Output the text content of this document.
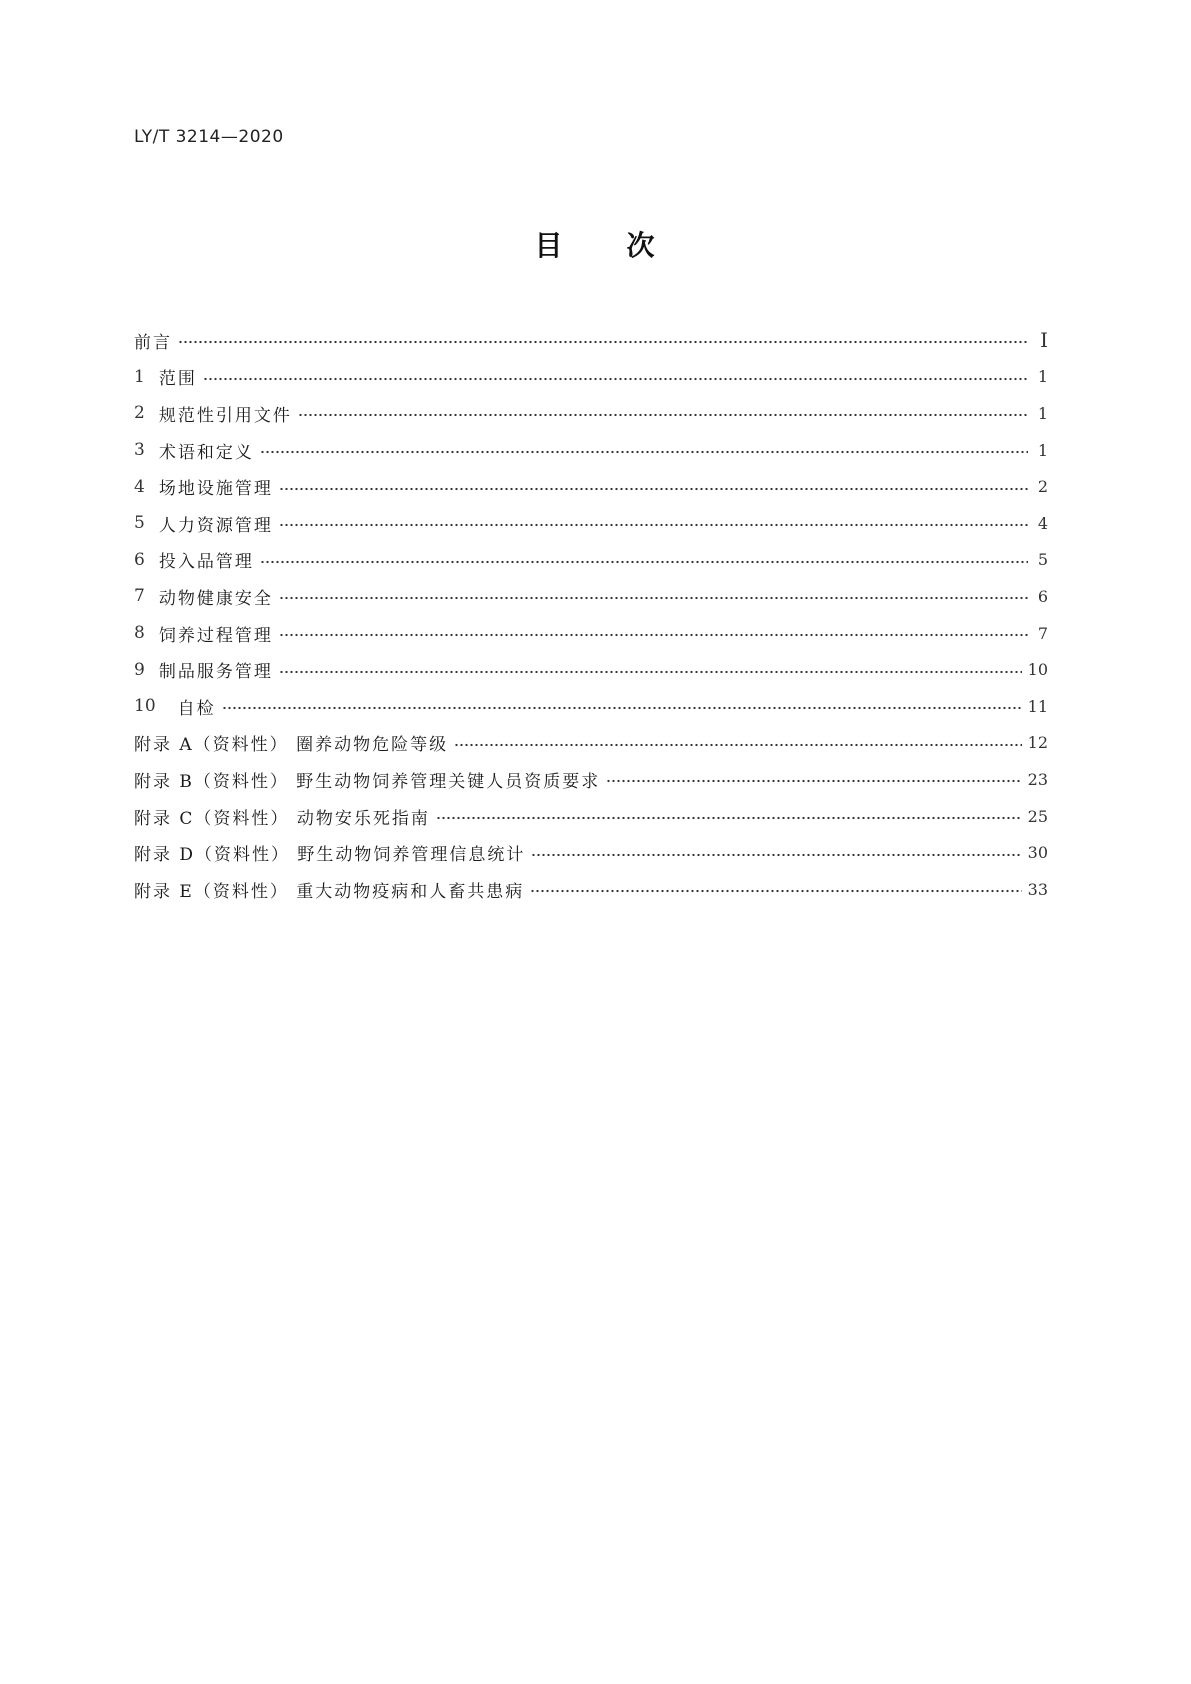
LY/T 3214—2020
目 次
前言	Ⅰ
1 范围	1
2 规范性引用文件	1
3 术语和定义	1
4 场地设施管理	2
5 人力资源管理	4
6 投入品管理	5
7 动物健康安全	6
8 饲养过程管理	7
9 制品服务管理	10
10 自检	11
附录 A（资料性） 圈养动物危险等级	12
附录 B（资料性） 野生动物饲养管理关键人员资质要求	23
附录 C（资料性） 动物安乐死指南	25
附录 D（资料性） 野生动物饲养管理信息统计	30
附录 E（资料性） 重大动物疫病和人畜共患病	33
